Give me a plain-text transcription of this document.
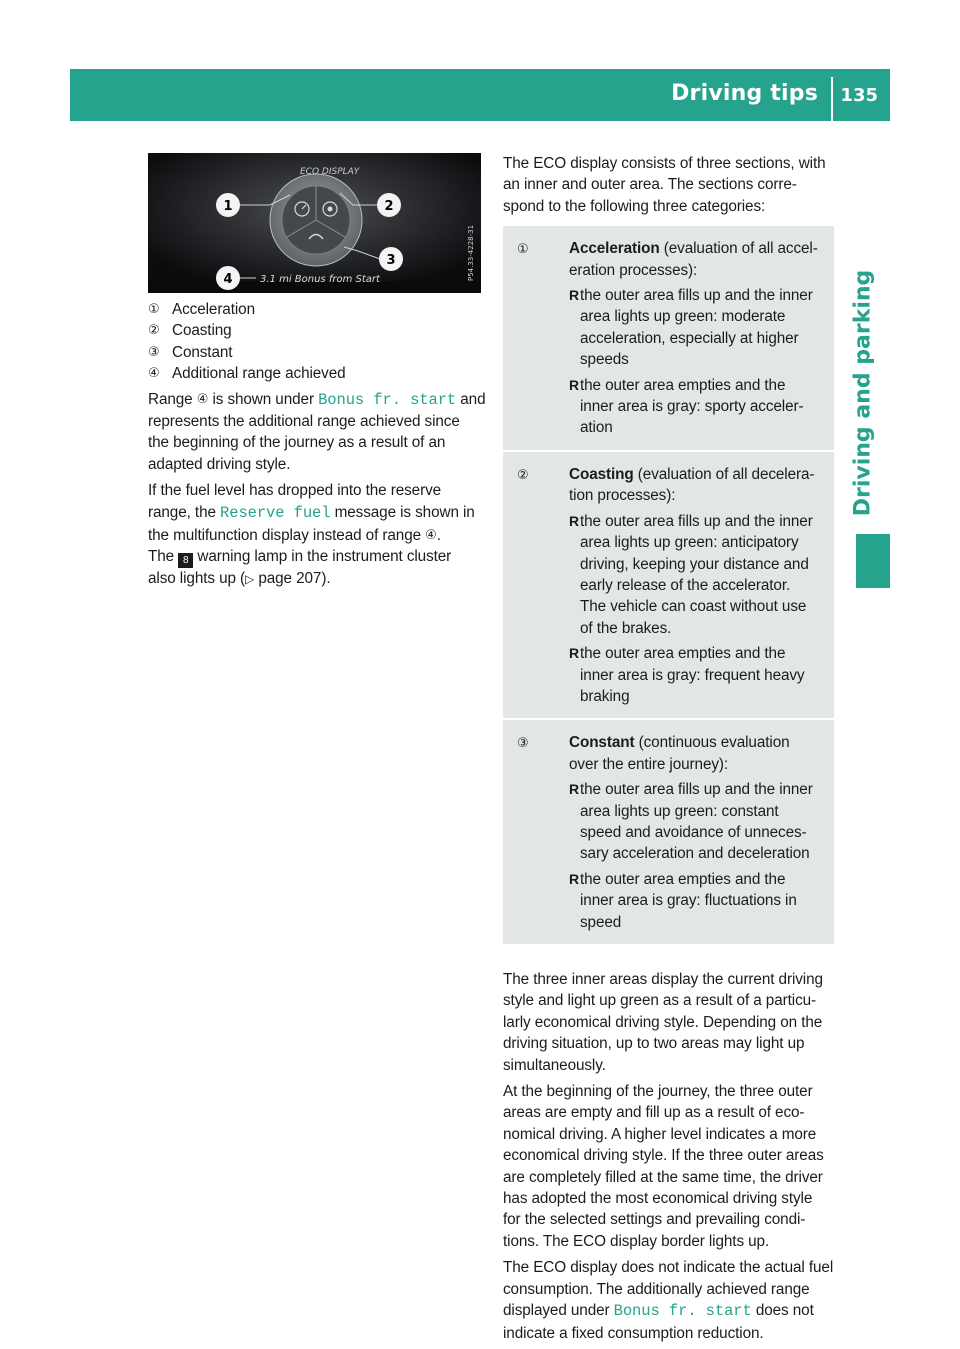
Driving tips 135
Driving and parking
ECO DISPLAY
1	2
3
4	3.1 mi Bonus from Start	P54.33-4228-31
① Acceleration
② Coasting
③ Constant
④ Additional range achieved

Range ④ is shown under Bonus fr. start and
represents the additional range achieved since
the beginning of the journey as a result of an
adapted driving style.

If the fuel level has dropped into the reserve
range, the Reserve fuel message is shown in
the multifunction display instead of range ④.
The 8 warning lamp in the instrument cluster
also lights up (▷ page 207).

The ECO display consists of three sections, with
an inner and outer area. The sections corre-
spond to the following three categories:

①	Acceleration (evaluation of all accel-
eration processes):
R the outer area fills up and the inner
area lights up green: moderate
acceleration, especially at higher
speeds
R the outer area empties and the
inner area is gray: sporty acceler-
ation
②	Coasting (evaluation of all decelera-
tion processes):
R the outer area fills up and the inner
area lights up green: anticipatory
driving, keeping your distance and
early release of the accelerator.
The vehicle can coast without use
of the brakes.
R the outer area empties and the
inner area is gray: frequent heavy
braking
③	Constant (continuous evaluation
over the entire journey):
R the outer area fills up and the inner
area lights up green: constant
speed and avoidance of unneces-
sary acceleration and deceleration
R the outer area empties and the
inner area is gray: fluctuations in
speed

The three inner areas display the current driving
style and light up green as a result of a particu-
larly economical driving style. Depending on the
driving situation, up to two areas may light up
simultaneously.

At the beginning of the journey, the three outer
areas are empty and fill up as a result of eco-
nomical driving. A higher level indicates a more
economical driving style. If the three outer areas
are completely filled at the same time, the driver
has adopted the most economical driving style
for the selected settings and prevailing condi-
tions. The ECO display border lights up.

The ECO display does not indicate the actual fuel
consumption. The additionally achieved range
displayed under Bonus fr. start does not
indicate a fixed consumption reduction.
